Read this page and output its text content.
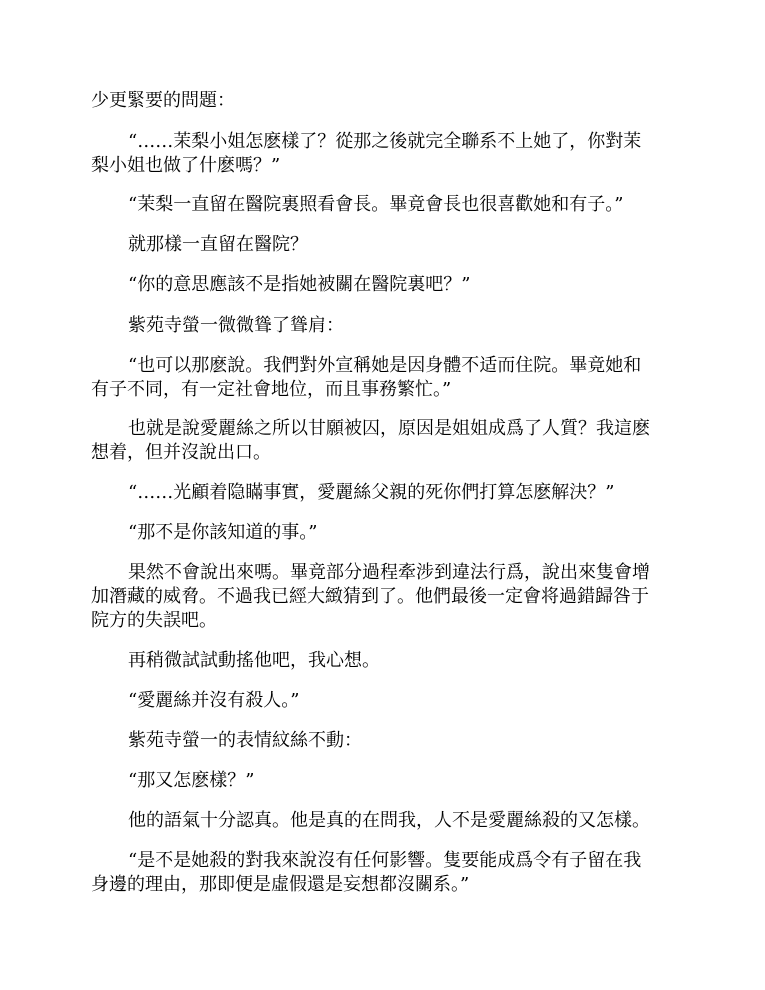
少更緊要的問題：
“……茉梨小姐怎麽樣了？從那之後就完全聯系不上她了，你對茉
梨小姐也做了什麽嗎？”
“茉梨一直留在醫院裏照看會長。畢竟會長也很喜歡她和有子。”
就那樣一直留在醫院？
“你的意思應該不是指她被關在醫院裏吧？”
紫苑寺螢一微微聳了聳肩：
“也可以那麽說。我們對外宣稱她是因身體不适而住院。畢竟她和
有子不同，有一定社會地位，而且事務繁忙。”
也就是說愛麗絲之所以甘願被囚，原因是姐姐成爲了人質？我這麽
想着，但并沒說出口。
“……光顧着隐瞞事實，愛麗絲父親的死你們打算怎麽解決？”
“那不是你該知道的事。”
果然不會說出來嗎。畢竟部分過程牽涉到違法行爲，說出來隻會增
加潛藏的威脅。不過我已經大緻猜到了。他們最後一定會将過錯歸咎于
院方的失誤吧。
再稍微試試動搖他吧，我心想。
“愛麗絲并沒有殺人。”
紫苑寺螢一的表情紋絲不動：
“那又怎麽樣？”
他的語氣十分認真。他是真的在問我，人不是愛麗絲殺的又怎樣。
“是不是她殺的對我來說沒有任何影響。隻要能成爲令有子留在我
身邊的理由，那即便是虛假還是妄想都沒關系。”
